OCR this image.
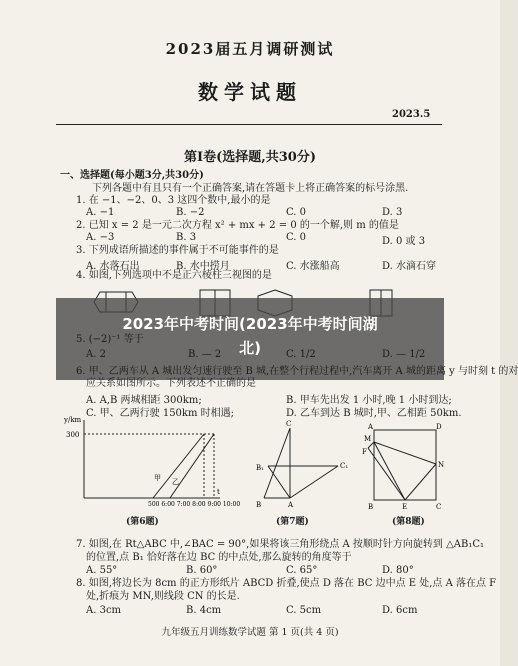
2023届五月调研测试
数学试题
2023.5
第Ⅰ卷(选择题,共30分)
一、选择题(每小题3分,共30分)
下列各题中有且只有一个正确答案,请在答题卡上将正确答案的标号涂黑.
1. 在 −1、−2、0、3 这四个数中,最小的是
A. −1	B. −2	C. 0	D. 3
2. 已知 x = 2 是一元二次方程 x² + mx + 2 = 0 的一个解,则 m 的值是
A. −3	B. 3	C. 0	D. 0 或 3
3. 下列成语所描述的事件属于不可能事件的是
A. 水落石出	B. 水中捞月	C. 水涨船高	D. 水滴石穿
4. 如图,下列选项中不是正六棱柱三视图的是
2023年中考时间(2023年中考时间湖
北)
5. (−2)⁻¹ 等于
A. 2	B. — 2	C. 1/2	D. — 1/2
6. 甲、乙两车从 A 城出发匀速行驶至 B 城,在整个行程过程中,汽车离开 A 城的距离 y 与时刻 t 的对
应关系如图所示。下列表述不正确的是
A. A,B 两城相距 300km;	B. 甲车先出发 1 小时,晚 1 小时到达;
C. 甲、乙两行驶 150km 时相遇;	D. 乙车到达 B 城时,甲、乙相距 50km.
y/km
300
500 6:00 7:00 8:00 9:00 10:00
t
甲 乙
(第6题)
C
B₁	C₁
B	A
(第7题)
A	D
M
F
N
B	E	C
(第8题)
7. 如图,在 Rt△ABC 中,∠BAC = 90°,如果将该三角形绕点 A 按顺时针方向旋转到 △AB₁C₁
的位置,点 B₁ 恰好落在边 BC 的中点处,那么旋转的角度等于
A. 55°	B. 60°	C. 65°	D. 80°
8. 如图,将边长为 8cm 的正方形纸片 ABCD 折叠,使点 D 落在 BC 边中点 E 处,点 A 落在点 F
处,折痕为 MN,则线段 CN 的长是.
A. 3cm	B. 4cm	C. 5cm	D. 6cm
九年级五月训练数学试题 第 1 页(共 4 页)
